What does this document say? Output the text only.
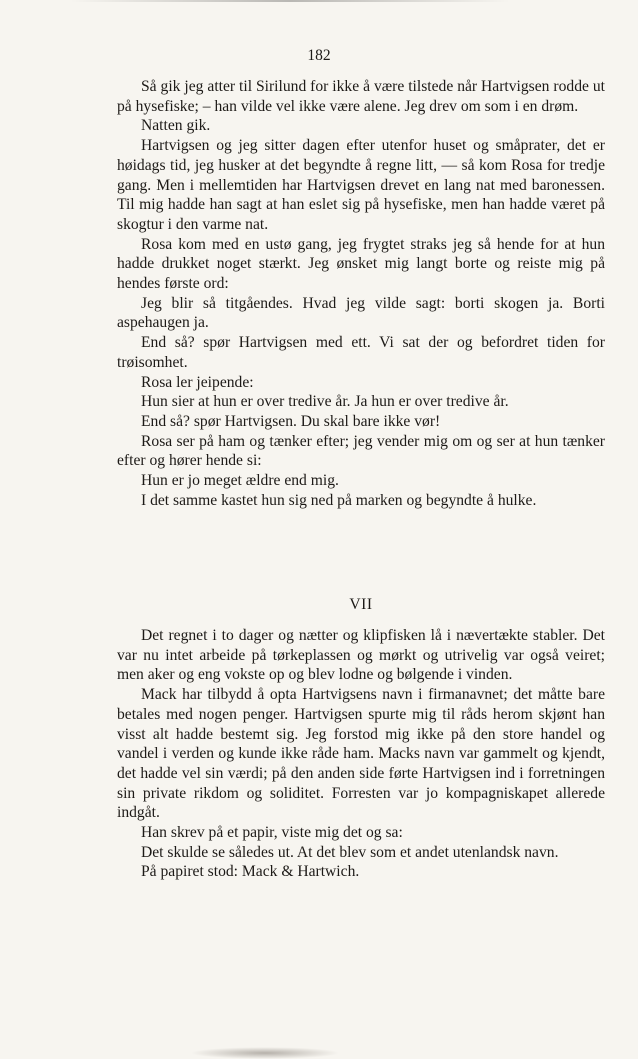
182

Så gik jeg atter til Sirilund for ikke å være tilstede når Hartvigsen rodde ut på hysefiske; – han vilde vel ikke være alene. Jeg drev om som i en drøm.

Natten gik.

Hartvigsen og jeg sitter dagen efter utenfor huset og småprater, det er høidags tid, jeg husker at det begyndte å regne litt, — så kom Rosa for tredje gang. Men i mellemtiden har Hartvigsen drevet en lang nat med baronessen. Til mig hadde han sagt at han eslet sig på hysefiske, men han hadde været på skogtur i den varme nat.

Rosa kom med en ustø gang, jeg frygtet straks jeg så hende for at hun hadde drukket noget stærkt. Jeg ønsket mig langt borte og reiste mig på hendes første ord:

Jeg blir så titgåendes. Hvad jeg vilde sagt: borti skogen ja. Borti aspehaugen ja.

End så? spør Hartvigsen med ett. Vi sat der og befordret tiden for trøisomhet.

Rosa ler jeipende:

Hun sier at hun er over tredive år. Ja hun er over tredive år.

End så? spør Hartvigsen. Du skal bare ikke vør!

Rosa ser på ham og tænker efter; jeg vender mig om og ser at hun tænker efter og hører hende si:

Hun er jo meget ældre end mig.

I det samme kastet hun sig ned på marken og begyndte å hulke.

VII

Det regnet i to dager og nætter og klipfisken lå i nævertækte stabler. Det var nu intet arbeide på tørkeplassen og mørkt og utrivelig var også veiret; men aker og eng vokste op og blev lodne og bølgende i vinden.

Mack har tilbydd å opta Hartvigsens navn i firmanavnet; det måtte bare betales med nogen penger. Hartvigsen spurte mig til råds herom skjønt han visst alt hadde bestemt sig. Jeg forstod mig ikke på den store handel og vandel i verden og kunde ikke råde ham. Macks navn var gammelt og kjendt, det hadde vel sin værdi; på den anden side førte Hartvigsen ind i forretningen sin private rikdom og soliditet. Forresten var jo kompagniskapet allerede indgåt.

Han skrev på et papir, viste mig det og sa:

Det skulde se således ut. At det blev som et andet utenlandsk navn.

På papiret stod: Mack & Hartwich.
